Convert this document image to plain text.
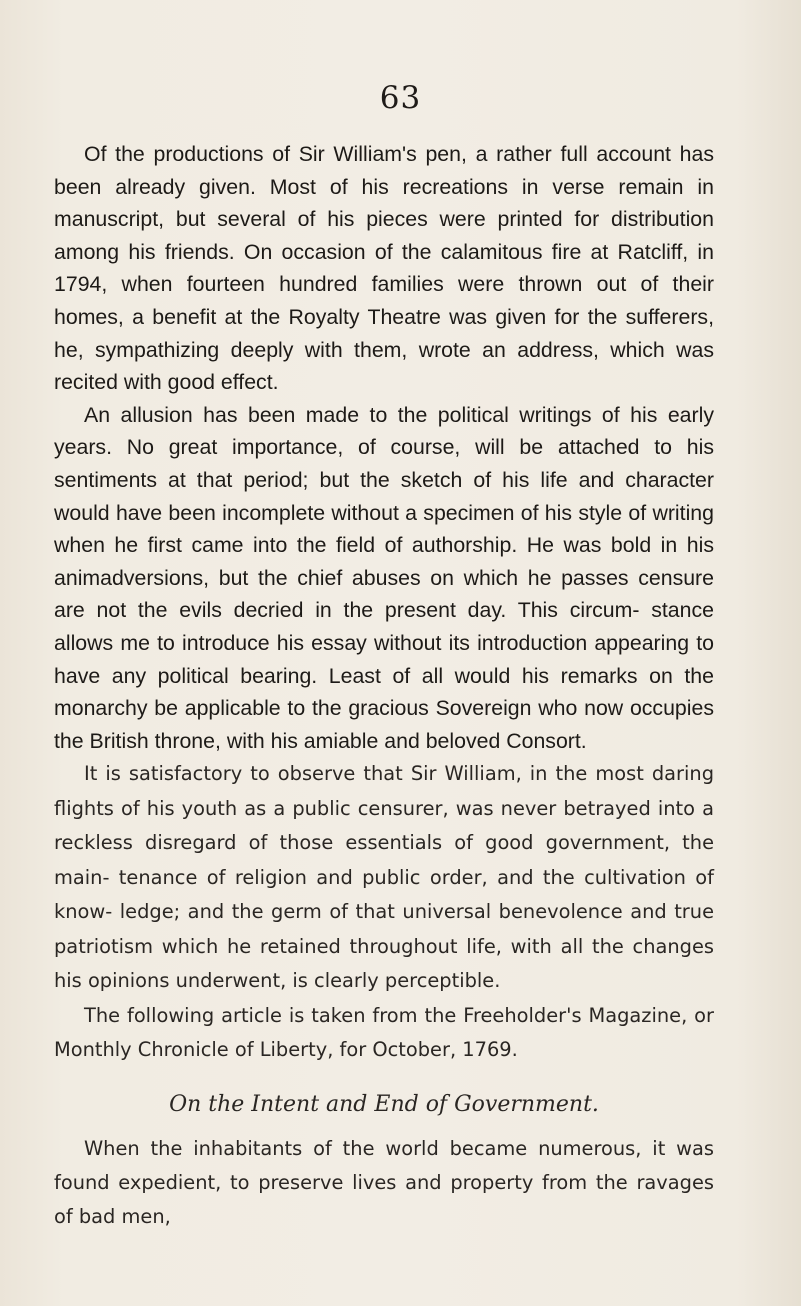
63

Of the productions of Sir William's pen, a rather full account has been already given. Most of his recreations in verse remain in manuscript, but several of his pieces were printed for distribution among his friends. On occasion of the calamitous fire at Ratcliff, in 1794, when fourteen hundred families were thrown out of their homes, a benefit at the Royalty Theatre was given for the sufferers, he, sympathizing deeply with them, wrote an address, which was recited with good effect.

An allusion has been made to the political writings of his early years. No great importance, of course, will be attached to his sentiments at that period; but the sketch of his life and character would have been incomplete without a specimen of his style of writing when he first came into the field of authorship. He was bold in his animadversions, but the chief abuses on which he passes censure are not the evils decried in the present day. This circum- stance allows me to introduce his essay without its introduction appearing to have any political bearing. Least of all would his remarks on the monarchy be applicable to the gracious Sovereign who now occupies the British throne, with his amiable and beloved Consort.

It is satisfactory to observe that Sir William, in the most daring flights of his youth as a public censurer, was never betrayed into a reckless disregard of those essentials of good government, the main- tenance of religion and public order, and the cultivation of know- ledge; and the germ of that universal benevolence and true patriotism which he retained throughout life, with all the changes his opinions underwent, is clearly perceptible.

The following article is taken from the Freeholder's Magazine, or Monthly Chronicle of Liberty, for October, 1769.

On the Intent and End of Government.

When the inhabitants of the world became numerous, it was found expedient, to preserve lives and property from the ravages of bad men,
